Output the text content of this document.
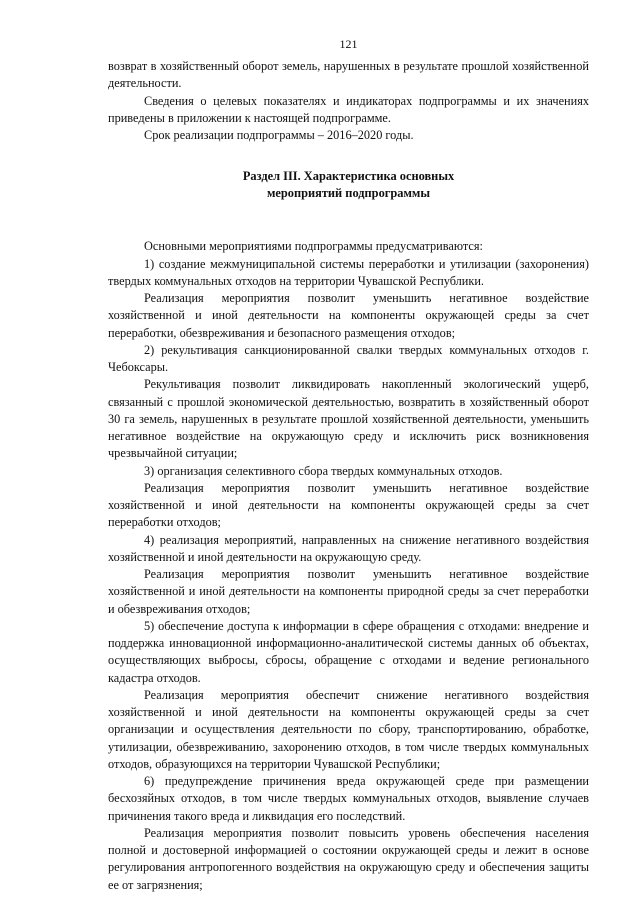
121

возврат в хозяйственный оборот земель, нарушенных в результате прошлой хозяйственной деятельности.

Сведения о целевых показателях и индикаторах подпрограммы и их значениях приведены в приложении к настоящей подпрограмме.

Срок реализации подпрограммы – 2016–2020 годы.

Раздел III. Характеристика основных
мероприятий подпрограммы

Основными мероприятиями подпрограммы предусматриваются:

1) создание межмуниципальной системы переработки и утилизации (захоронения) твердых коммунальных отходов на территории Чувашской Республики.

Реализация мероприятия позволит уменьшить негативное воздействие хозяйственной и иной деятельности на компоненты окружающей среды за счет переработки, обезвреживания и безопасного размещения отходов;

2) рекультивация санкционированной свалки твердых коммунальных отходов г. Чебоксары.

Рекультивация позволит ликвидировать накопленный экологический ущерб, связанный с прошлой экономической деятельностью, возвратить в хозяйственный оборот 30 га земель, нарушенных в результате прошлой хозяйственной деятельности, уменьшить негативное воздействие на окружающую среду и исключить риск возникновения чрезвычайной ситуации;

3) организация селективного сбора твердых коммунальных отходов.

Реализация мероприятия позволит уменьшить негативное воздействие хозяйственной и иной деятельности на компоненты окружающей среды за счет переработки отходов;

4) реализация мероприятий, направленных на снижение негативного воздействия хозяйственной и иной деятельности на окружающую среду.

Реализация мероприятия позволит уменьшить негативное воздействие хозяйственной и иной деятельности на компоненты природной среды за счет переработки и обезвреживания отходов;

5) обеспечение доступа к информации в сфере обращения с отходами: внедрение и поддержка инновационной информационно-аналитической системы данных об объектах, осуществляющих выбросы, сбросы, обращение с отходами и ведение регионального кадастра отходов.

Реализация мероприятия обеспечит снижение негативного воздействия хозяйственной и иной деятельности на компоненты окружающей среды за счет организации и осуществления деятельности по сбору, транспортированию, обработке, утилизации, обезвреживанию, захоронению отходов, в том числе твердых коммунальных отходов, образующихся на территории Чувашской Республики;

6) предупреждение причинения вреда окружающей среде при размещении бесхозяйных отходов, в том числе твердых коммунальных отходов, выявление случаев причинения такого вреда и ликвидация его последствий.

Реализация мероприятия позволит повысить уровень обеспечения населения полной и достоверной информацией о состоянии окружающей среды и лежит в основе регулирования антропогенного воздействия на окружающую среду и обеспечения защиты ее от загрязнения;
